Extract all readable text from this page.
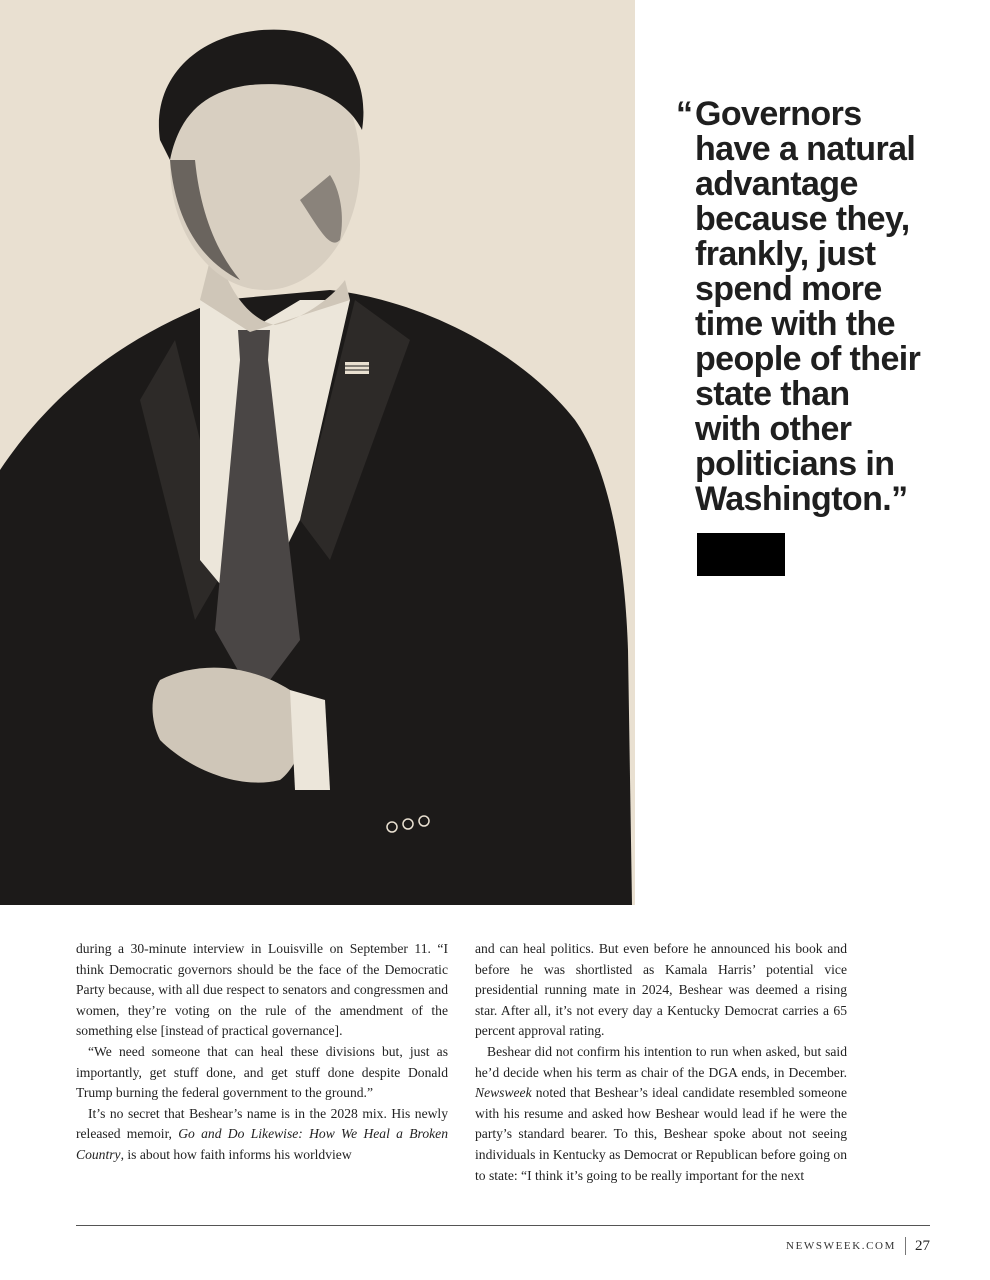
“ Governors
have a natural
advantage
because they,
frankly, just
spend more
time with the
people of their
state than
with other
politicians in
Washington.”

during a 30-minute interview in Louisville on September 11. “I think Democratic governors should be the face of the Democratic Party because, with all due respect to senators and congressmen and women, they’re voting on the rule of the amendment of the something else [instead of practical governance].

“We need someone that can heal these divisions but, just as importantly, get stuff done, and get stuff done despite Donald Trump burning the federal government to the ground.”

It’s no secret that Beshear’s name is in the 2028 mix. His newly released memoir, Go and Do Likewise: How We Heal a Broken Country, is about how faith informs his worldview

and can heal politics. But even before he announced his book and before he was shortlisted as Kamala Harris’ potential vice presidential running mate in 2024, Beshear was deemed a rising star. After all, it’s not every day a Kentucky Democrat carries a 65 percent approval rating.

Beshear did not confirm his intention to run when asked, but said he’d decide when his term as chair of the DGA ends, in December. Newsweek noted that Beshear’s ideal candidate resembled someone with his resume and asked how Beshear would lead if he were the party’s standard bearer. To this, Beshear spoke about not seeing individuals in Kentucky as Democrat or Republican before going on to state: “I think it’s going to be really important for the next

NEWSWEEK.COM 27
